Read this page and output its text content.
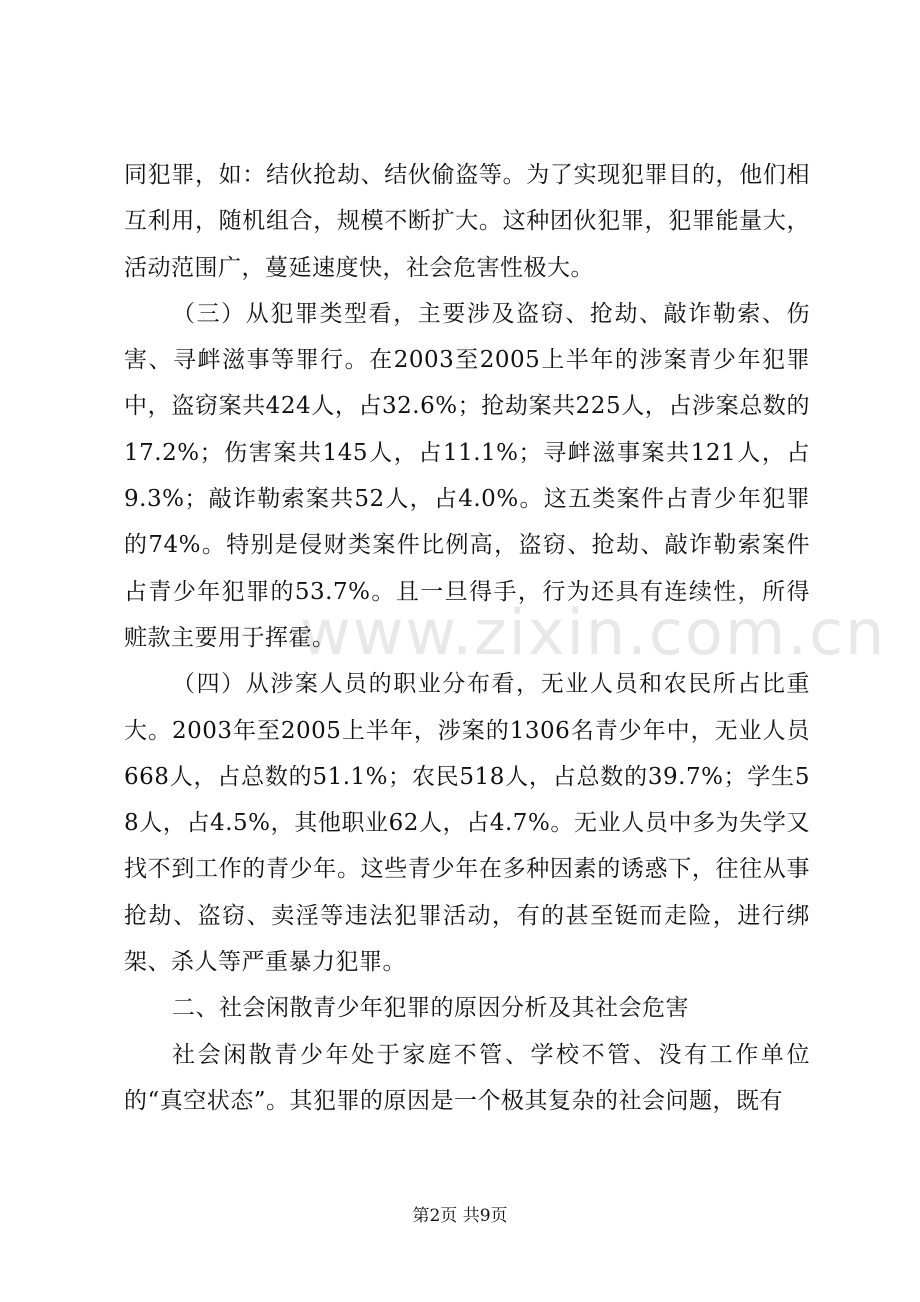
www.zixin.com.cn

同犯罪，如：结伙抢劫、结伙偷盗等。为了实现犯罪目的，他们相互利用，随机组合，规模不断扩大。这种团伙犯罪，犯罪能量大，活动范围广，蔓延速度快，社会危害性极大。

（三）从犯罪类型看，主要涉及盗窃、抢劫、敲诈勒索、伤害、寻衅滋事等罪行。在2003至2005上半年的涉案青少年犯罪中，盗窃案共424人，占32.6%；抢劫案共225人，占涉案总数的17.2%；伤害案共145人，占11.1%；寻衅滋事案共121人，占9.3%；敲诈勒索案共52人，占4.0%。这五类案件占青少年犯罪的74%。特别是侵财类案件比例高，盗窃、抢劫、敲诈勒索案件占青少年犯罪的53.7%。且一旦得手，行为还具有连续性，所得赃款主要用于挥霍。

（四）从涉案人员的职业分布看，无业人员和农民所占比重大。2003年至2005上半年，涉案的1306名青少年中，无业人员668人，占总数的51.1%；农民518人，占总数的39.7%；学生58人，占4.5%，其他职业62人，占4.7%。无业人员中多为失学又找不到工作的青少年。这些青少年在多种因素的诱惑下，往往从事抢劫、盗窃、卖淫等违法犯罪活动，有的甚至铤而走险，进行绑架、杀人等严重暴力犯罪。

二、社会闲散青少年犯罪的原因分析及其社会危害

社会闲散青少年处于家庭不管、学校不管、没有工作单位的“真空状态”。其犯罪的原因是一个极其复杂的社会问题，既有

第2页 共9页
